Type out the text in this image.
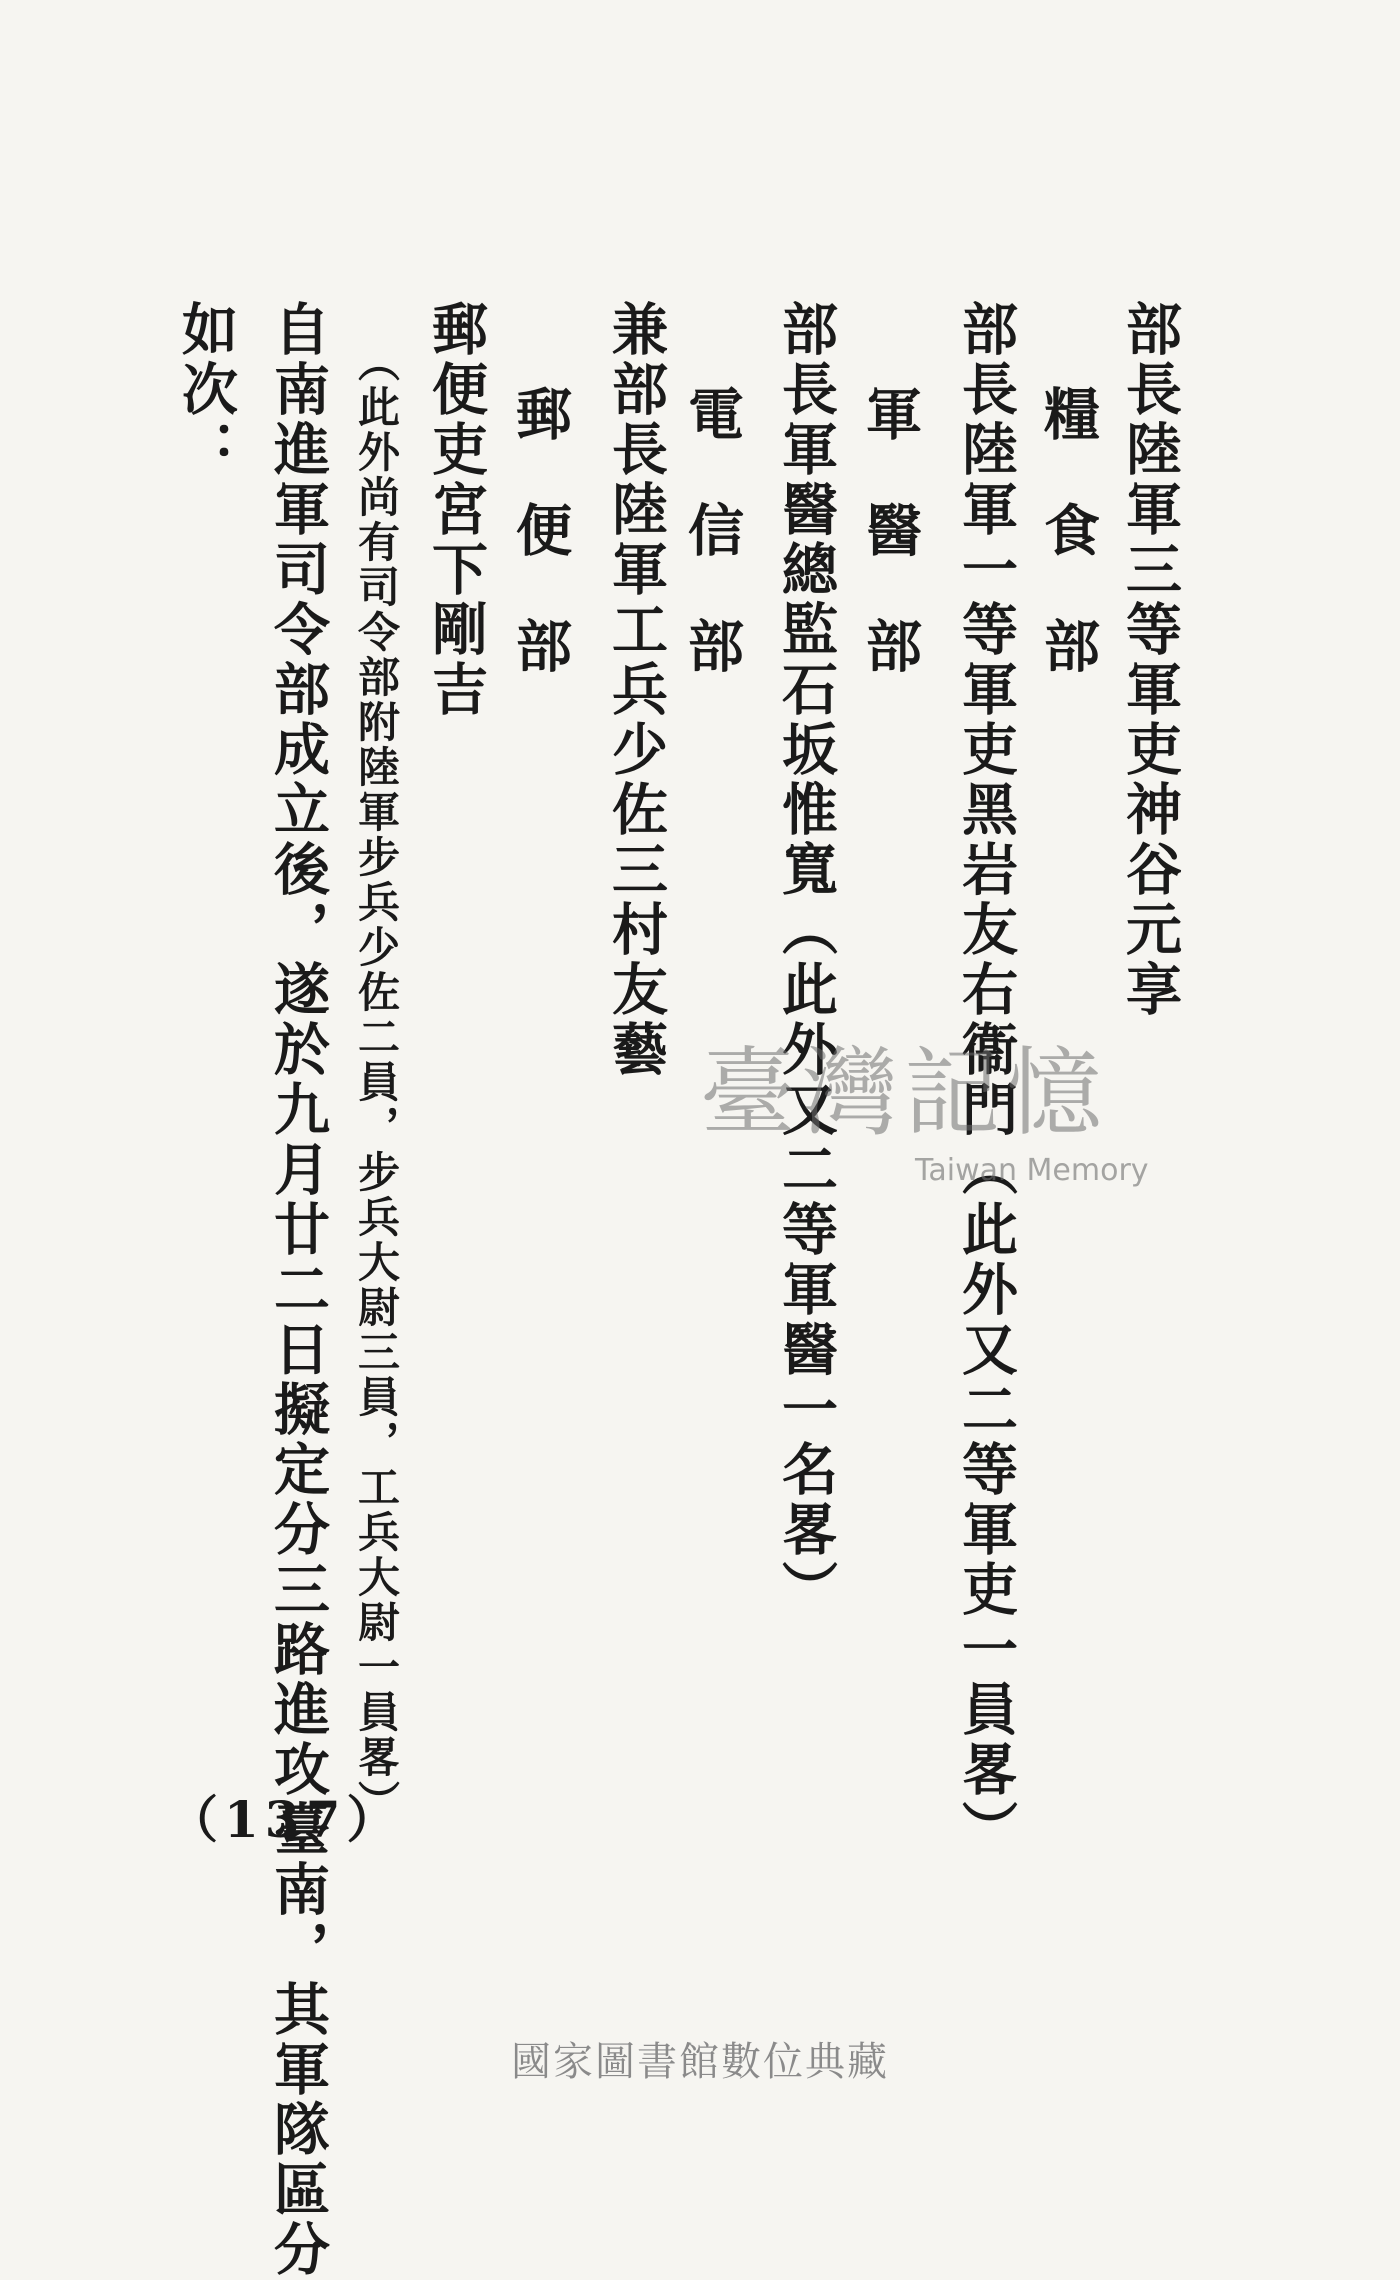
部長陸軍三等軍吏神谷元享
糧食部
部長陸軍一等軍吏黑岩友右衞門（此外又二等軍吏一員畧）
軍醫部
部長軍醫總監石坂惟寬（此外又二等軍醫一名畧）
電信部
兼部長陸軍工兵少佐三村友藝
郵便部
郵便吏宮下剛吉
（此外尚有司令部附陸軍步兵少佐二員，步兵大尉三員，工兵大尉一員畧）
自南進軍司令部成立後，遂於九月廿二日擬定分三路進攻臺南，其軍隊區分
如次：
臺灣記憶
Taiwan Memory
（137）
國家圖書館數位典藏
